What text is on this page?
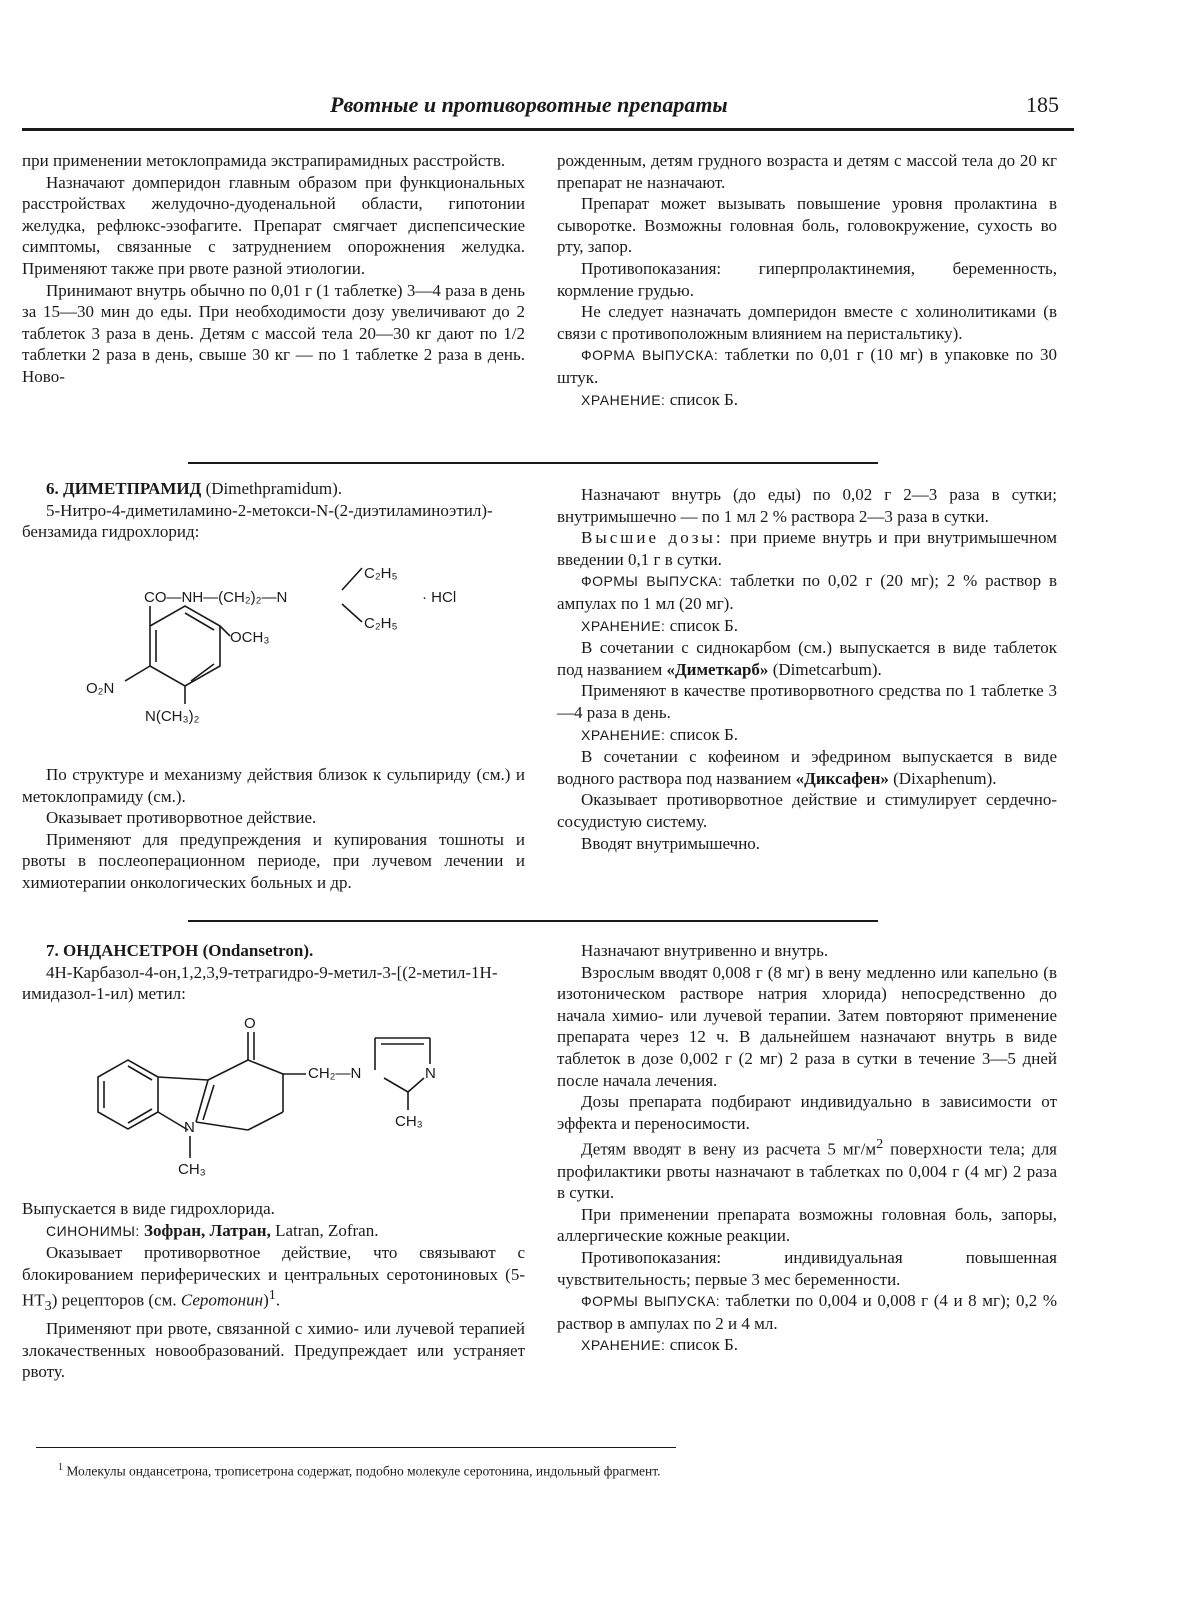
Рвотные и противорвотные препараты	185

при применении метоклопрамида экстрапирамидных расстройств.

Назначают домперидон главным образом при функциональных расстройствах желудочно-дуоденальной области, гипотонии желудка, рефлюкс-эзофагите. Препарат смягчает диспепсические симптомы, связанные с затруднением опорожнения желудка. Применяют также при рвоте разной этиологии.

Принимают внутрь обычно по 0,01 г (1 таблетке) 3—4 раза в день за 15—30 мин до еды. При необходимости дозу увеличивают до 2 таблеток 3 раза в день. Детям с массой тела 20—30 кг дают по 1/2 таблетки 2 раза в день, свыше 30 кг — по 1 таблетке 2 раза в день. Ново-

рожденным, детям грудного возраста и детям с массой тела до 20 кг препарат не назначают.

Препарат может вызывать повышение уровня пролактина в сыворотке. Возможны головная боль, головокружение, сухость во рту, запор.

Противопоказания: гиперпролактинемия, беременность, кормление грудью.

Не следует назначать домперидон вместе с холинолитиками (в связи с противоположным влиянием на перистальтику).

ФОРМА ВЫПУСКА: таблетки по 0,01 г (10 мг) в упаковке по 30 штук.

ХРАНЕНИЕ: список Б.

6. ДИМЕТПРАМИД (Dimethpramidum).

5-Нитро-4-диметиламино-2-метокси-N-(2-диэтиламиноэтил)-бензамида гидрохлорид:

CO—NH—(CH₂)₂—N
C₂H₅
C₂H₅
· HCl
OCH₃
O₂N
N(CH₃)₂

По структуре и механизму действия близок к сульпириду (см.) и метоклопрамиду (см.).

Оказывает противорвотное действие.

Применяют для предупреждения и купирования тошноты и рвоты в послеоперационном периоде, при лучевом лечении и химиотерапии онкологических больных и др.

Назначают внутрь (до еды) по 0,02 г 2—3 раза в сутки; внутримышечно — по 1 мл 2 % раствора 2—3 раза в сутки.

Высшие дозы: при приеме внутрь и при внутримышечном введении 0,1 г в сутки.

ФОРМЫ ВЫПУСКА: таблетки по 0,02 г (20 мг); 2 % раствор в ампулах по 1 мл (20 мг).

ХРАНЕНИЕ: список Б.

В сочетании с сиднокарбом (см.) выпускается в виде таблеток под названием «Диметкарб» (Dimetcarbum).

Применяют в качестве противорвотного средства по 1 таблетке 3—4 раза в день.

ХРАНЕНИЕ: список Б.

В сочетании с кофеином и эфедрином выпускается в виде водного раствора под названием «Диксафен» (Dixaphenum).

Оказывает противорвотное действие и стимулирует сердечно-сосудистую систему.

Вводят внутримышечно.

7. ОНДАНСЕТРОН (Ondansetron).

4H-Карбазол-4-он,1,2,3,9-тетрагидро-9-метил-3-[(2-метил-1H-имидазол-1-ил) метил:

O
CH₂—N	N
CH₃
N
CH₃

Выпускается в виде гидрохлорида.

СИНОНИМЫ: Зофран, Латран, Latran, Zofran.

Оказывает противорвотное действие, что связывают с блокированием периферических и центральных серотониновых $(5-НТ_3)$ рецепторов (см. Серотонин)$^1$.

Применяют при рвоте, связанной с химио- или лучевой терапией злокачественных новообразований. Предупреждает или устраняет рвоту.

Назначают внутривенно и внутрь.

Взрослым вводят 0,008 г (8 мг) в вену медленно или капельно (в изотоническом растворе натрия хлорида) непосредственно до начала химио- или лучевой терапии. Затем повторяют применение препарата через 12 ч. В дальнейшем назначают внутрь в виде таблеток в дозе 0,002 г (2 мг) 2 раза в сутки в течение 3—5 дней после начала лечения.

Дозы препарата подбирают индивидуально в зависимости от эффекта и переносимости.

Детям вводят в вену из расчета 5 $мг/м^2$ поверхности тела; для профилактики рвоты назначают в таблетках по 0,004 г (4 мг) 2 раза в сутки.

При применении препарата возможны головная боль, запоры, аллергические кожные реакции.

Противопоказания: индивидуальная повышенная чувствительность; первые 3 мес беременности.

ФОРМЫ ВЫПУСКА: таблетки по 0,004 и 0,008 г (4 и 8 мг); 0,2 % раствор в ампулах по 2 и 4 мл.

ХРАНЕНИЕ: список Б.

$^1$ Молекулы ондансетрона, трописетрона содержат, подобно молекуле серотонина, индольный фрагмент.
